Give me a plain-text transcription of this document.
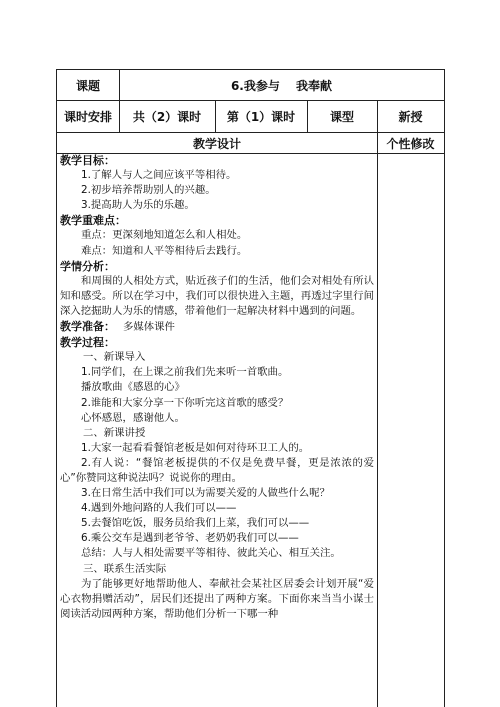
课题	6.我参与　 我奉献
课时安排	共（2）课时	第（1）课时	课型	新授
教学设计	个性修改
教学目标：
1.了解人与人之间应该平等相待。
2.初步培养帮助别人的兴趣。
3.提高助人为乐的乐趣。
教学重难点：
重点：更深刻地知道怎么和人相处。
难点：知道和人平等相待后去践行。
学情分析：
和周围的人相处方式，贴近孩子们的生活，他们会对相处有所认知和感受。所以在学习中，我们可以很快进入主题，再透过字里行间深入挖掘助人为乐的情感，带着他们一起解决材料中遇到的问题。
教学准备： 多媒体课件
教学过程：
一、新课导入
1.同学们，在上课之前我们先来听一首歌曲。
播放歌曲《感恩的心》
2.谁能和大家分享一下你听完这首歌的感受？
心怀感恩，感谢他人。
二、新课讲授
1.大家一起看看餐馆老板是如何对待环卫工人的。
2.有人说：“餐馆老板提供的不仅是免费早餐，更是浓浓的爱心”你赞同这种说法吗？说说你的理由。
3.在日常生活中我们可以为需要关爱的人做些什么呢？
4.遇到外地问路的人我们可以——
5.去餐馆吃饭，服务员给我们上菜，我们可以——
6.乘公交车是遇到老爷爷、老奶奶我们可以——
总结：人与人相处需要平等相待、彼此关心、相互关注。
三、联系生活实际
为了能够更好地帮助他人、奉献社会某社区居委会计划开展“爱心衣物捐赠活动”，居民们还提出了两种方案。下面你来当当小谋士阅读活动园两种方案，帮助他们分析一下哪一种
